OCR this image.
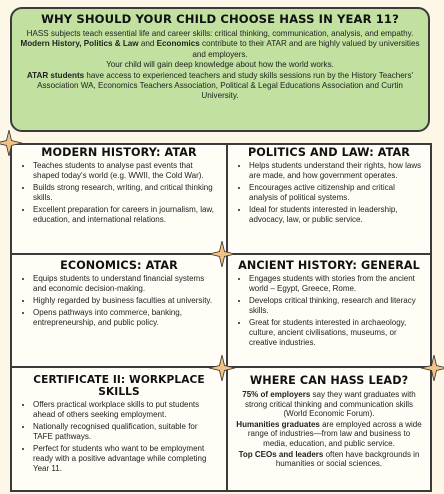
WHY SHOULD YOUR CHILD CHOOSE HASS IN YEAR 11?

HASS subjects teach essential life and career skills: critical thinking, communication, analysis, and empathy.

Modern History, Politics & Law and Economics contribute to their ATAR and are highly valued by universities and employers.

Your child will gain deep knowledge about how the world works.

ATAR students have access to experienced teachers and study skills sessions run by the History Teachers' Association WA, Economics Teachers Association, Political & Legal Educations Association and Curtin University.

MODERN HISTORY: ATAR
• Teaches students to analyse past events that shaped today's world (e.g. WWII, the Cold War).
• Builds strong research, writing, and critical thinking skills.
• Excellent preparation for careers in journalism, law, education, and international relations.
POLITICS AND LAW: ATAR
• Helps students understand their rights, how laws are made, and how government operates.
• Encourages active citizenship and critical analysis of political systems.
• Ideal for students interested in leadership, advocacy, law, or public service.
ECONOMICS: ATAR
• Equips students to understand financial systems and economic decision-making.
• Highly regarded by business faculties at university.
• Opens pathways into commerce, banking, entrepreneurship, and public policy.
ANCIENT HISTORY: GENERAL
• Engages students with stories from the ancient world – Egypt, Greece, Rome.
• Develops critical thinking, research and literacy skills.
• Great for students interested in archaeology, culture, ancient civilisations, museums, or creative industries.
CERTIFICATE II: WORKPLACE SKILLS
• Offers practical workplace skills to put students ahead of others seeking employment.
• Nationally recognised qualification, suitable for TAFE pathways.
• Perfect for students who want to be employment ready with a positive advantage while completing Year 11.
WHERE CAN HASS LEAD?

75% of employers say they want graduates with strong critical thinking and communication skills (World Economic Forum).

Humanities graduates are employed across a wide range of industries—from law and business to media, education, and public service.

Top CEOs and leaders often have backgrounds in humanities or social sciences.
